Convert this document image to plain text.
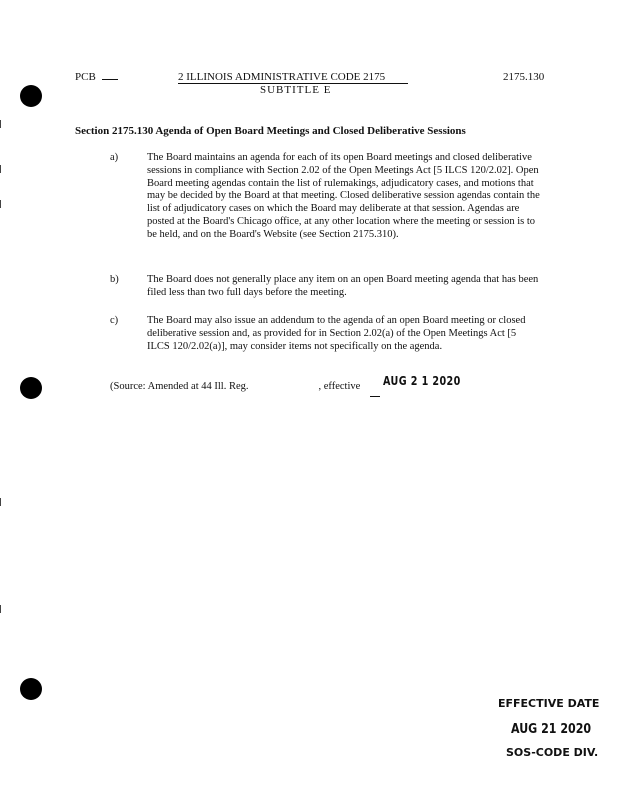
PCB	2 ILLINOIS ADMINISTRATIVE CODE 2175	2175.130
SUBTITLE E
Section 2175.130 Agenda of Open Board Meetings and Closed Deliberative Sessions
a)	The Board maintains an agenda for each of its open Board meetings and closed deliberative sessions in compliance with Section 2.02 of the Open Meetings Act [5 ILCS 120/2.02]. Open Board meeting agendas contain the list of rulemakings, adjudicatory cases, and motions that may be decided by the Board at that meeting. Closed deliberative session agendas contain the list of adjudicatory cases on which the Board may deliberate at that session. Agendas are posted at the Board's Chicago office, at any other location where the meeting or session is to be held, and on the Board's Website (see Section 2175.310).
b)	The Board does not generally place any item on an open Board meeting agenda that has been filed less than two full days before the meeting.
c)	The Board may also issue an addendum to the agenda of an open Board meeting or closed deliberative session and, as provided for in Section 2.02(a) of the Open Meetings Act [5 ILCS 120/2.02(a)], may consider items not specifically on the agenda.
(Source: Amended at 44 Ill. Reg.	, effective AUG 2 1 2020
EFFECTIVE DATE
AUG 21 2020
SOS-CODE DIV.
